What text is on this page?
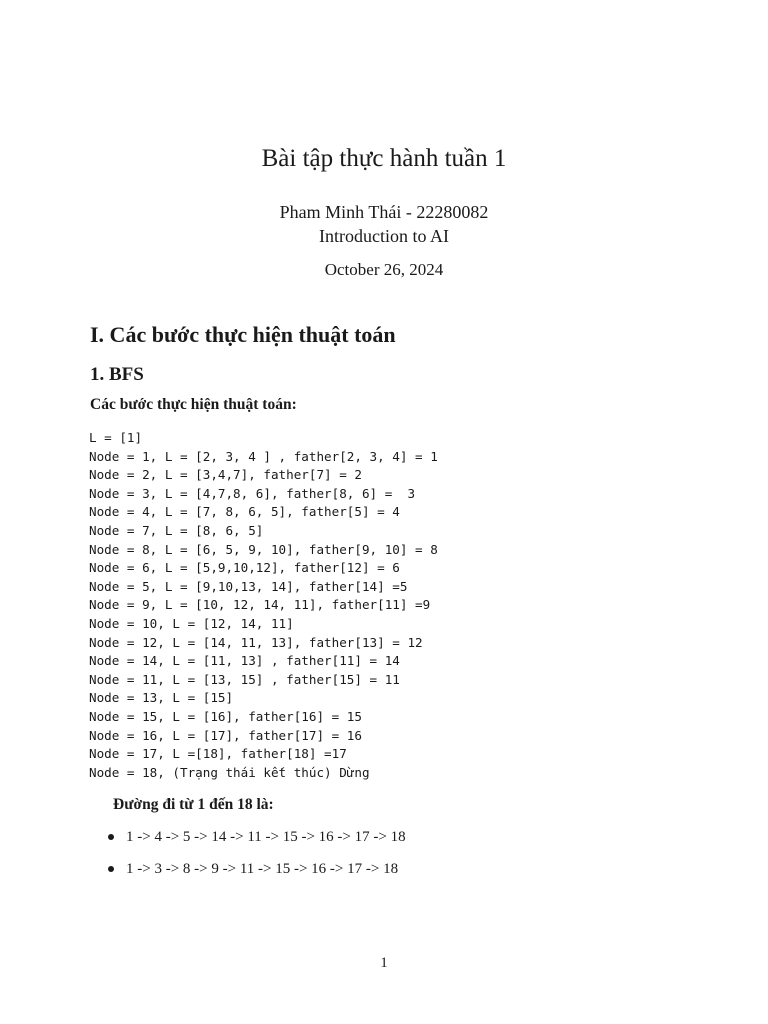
Bài tập thực hành tuần 1
Pham Minh Thái - 22280082
Introduction to AI
October 26, 2024
I. Các bước thực hiện thuật toán
1. BFS
Các bước thực hiện thuật toán:
L = [1]
Node = 1, L = [2, 3, 4 ] , father[2, 3, 4] = 1
Node = 2, L = [3,4,7], father[7] = 2
Node = 3, L = [4,7,8, 6], father[8, 6] =  3
Node = 4, L = [7, 8, 6, 5], father[5] = 4
Node = 7, L = [8, 6, 5]
Node = 8, L = [6, 5, 9, 10], father[9, 10] = 8
Node = 6, L = [5,9,10,12], father[12] = 6
Node = 5, L = [9,10,13, 14], father[14] =5
Node = 9, L = [10, 12, 14, 11], father[11] =9
Node = 10, L = [12, 14, 11]
Node = 12, L = [14, 11, 13], father[13] = 12
Node = 14, L = [11, 13] , father[11] = 14
Node = 11, L = [13, 15] , father[15] = 11
Node = 13, L = [15]
Node = 15, L = [16], father[16] = 15
Node = 16, L = [17], father[17] = 16
Node = 17, L =[18], father[18] =17
Node = 18, (Trạng thái kết thúc) Dừng
Đường đi từ 1 đến 18 là:
1 -> 4 -> 5 -> 14 -> 11 -> 15 -> 16 -> 17 -> 18
1 -> 3 -> 8 -> 9 -> 11 -> 15 -> 16 -> 17 -> 18
1
